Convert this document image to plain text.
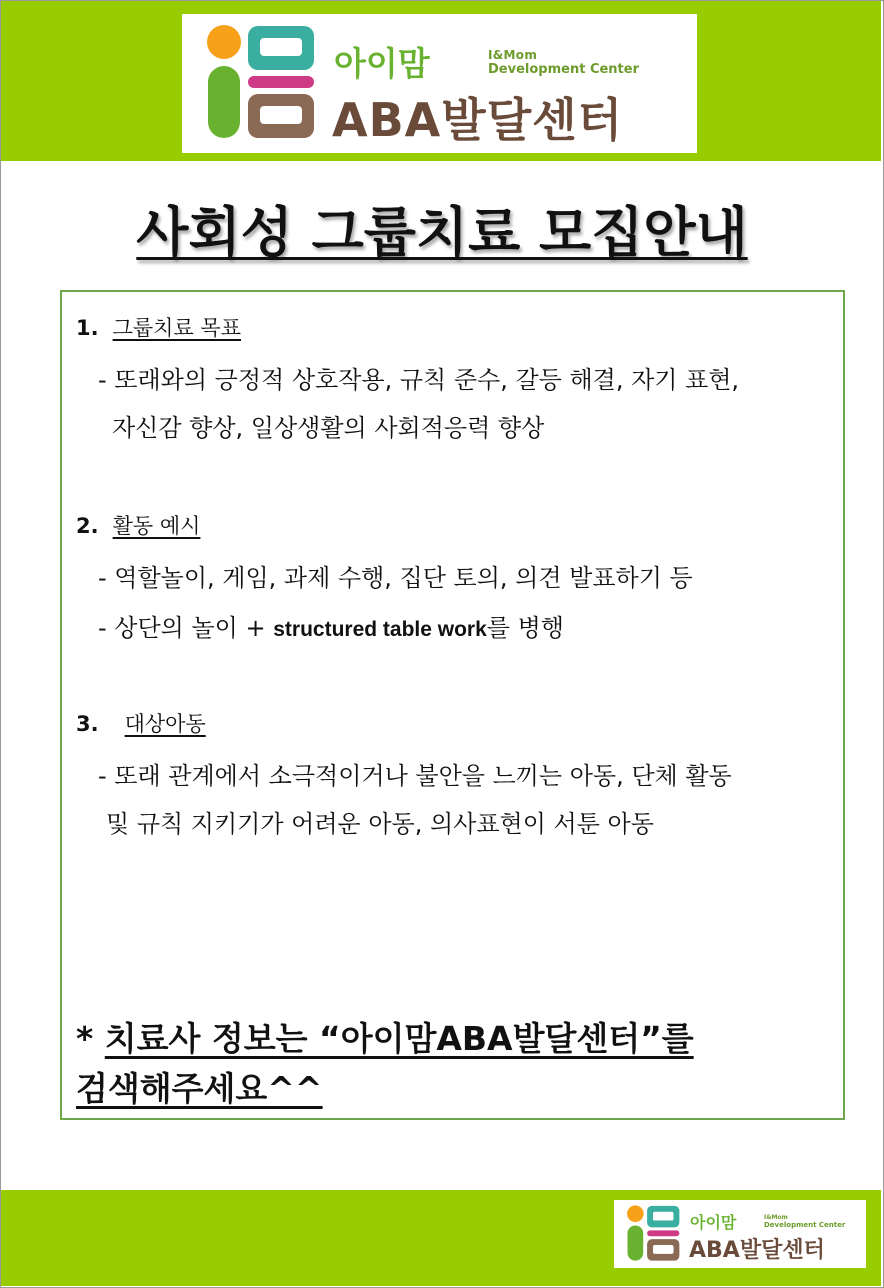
아이맘	I&Mom
Development Center
ABA발달센터
사회성 그룹치료 모집안내
1. 그룹치료 목표
- 또래와의 긍정적 상호작용, 규칙 준수, 갈등 해결, 자기 표현,
자신감 향상, 일상생활의 사회적응력 향상
2. 활동 예시
- 역할놀이, 게임, 과제 수행, 집단 토의, 의견 발표하기 등
- 상단의 놀이 + structured table work를 병행
3. 대상아동
- 또래 관계에서 소극적이거나 불안을 느끼는 아동, 단체 활동
및 규칙 지키기가 어려운 아동, 의사표현이 서툰 아동
* 치료사 정보는 “아이맘ABA발달센터”를
검색해주세요^^
아이맘	I&Mom
Development Center
ABA발달센터
